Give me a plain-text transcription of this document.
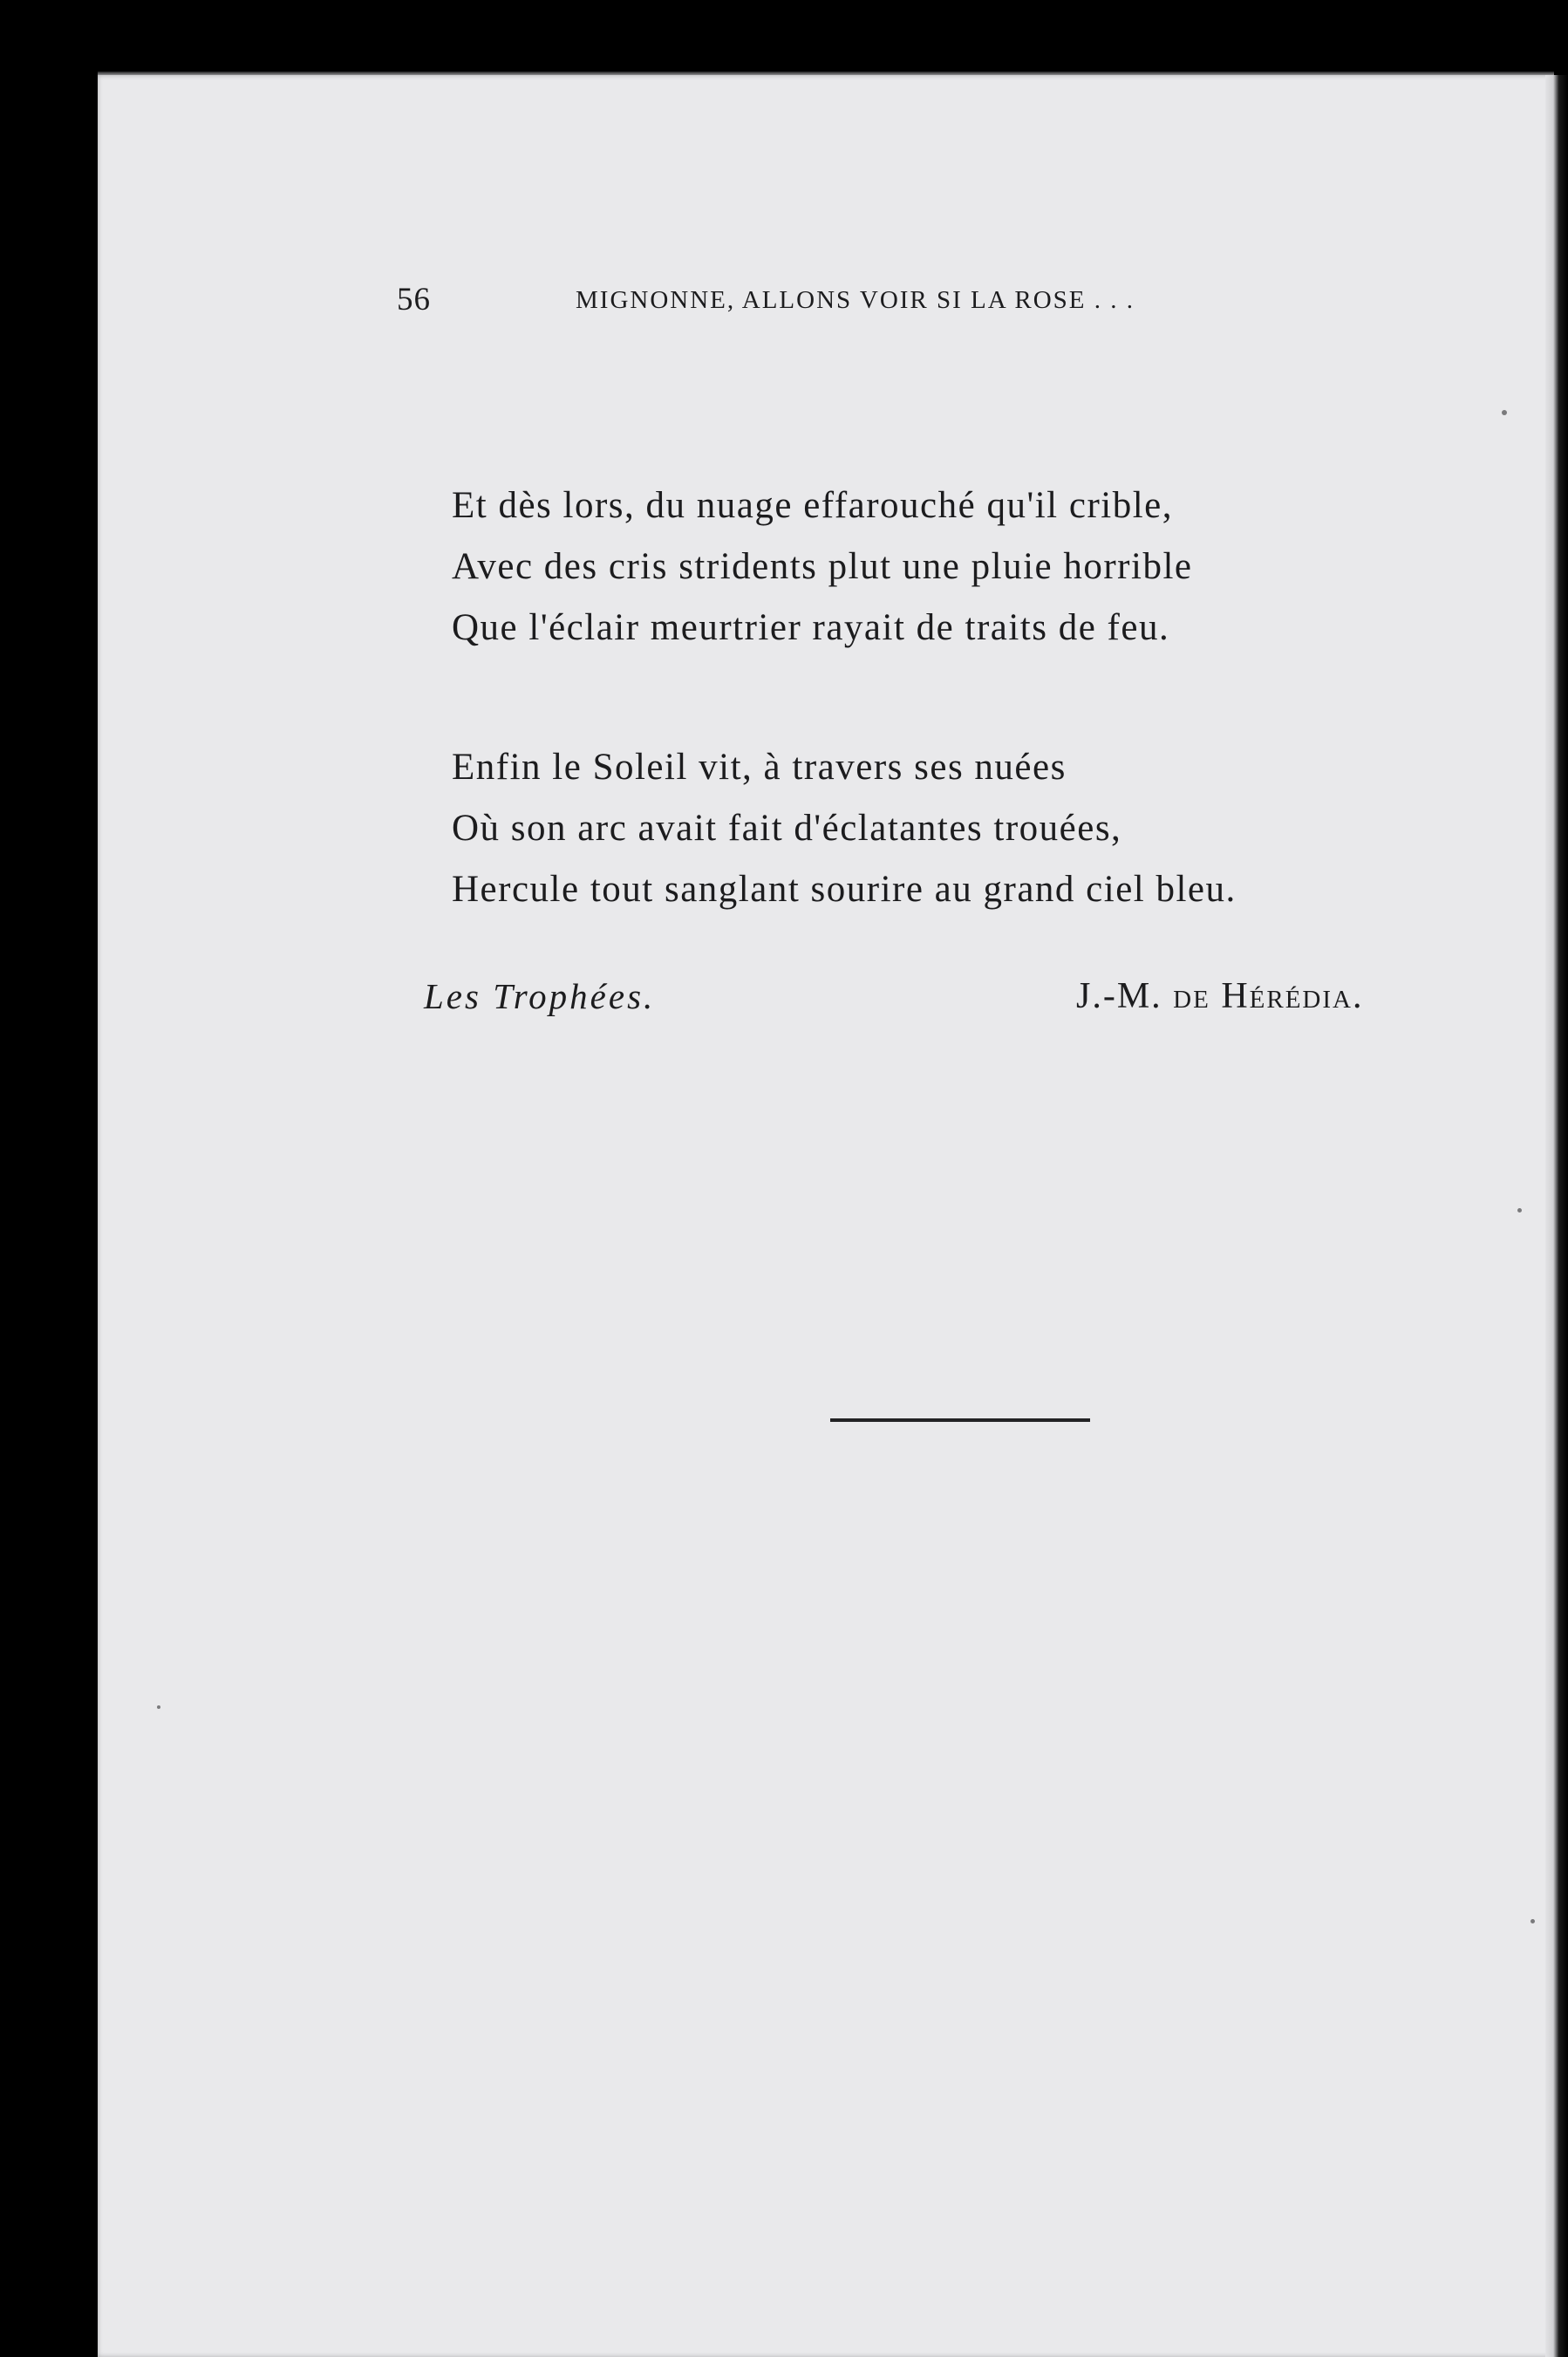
56	MIGNONNE, ALLONS VOIR SI LA ROSE . . .
Et dès lors, du nuage effarouché qu'il crible,
Avec des cris stridents plut une pluie horrible
Que l'éclair meurtrier rayait de traits de feu.
Enfin le Soleil vit, à travers ses nuées
Où son arc avait fait d'éclatantes trouées,
Hercule tout sanglant sourire au grand ciel bleu.
Les Trophées.	J.-M. de Hérédia.
